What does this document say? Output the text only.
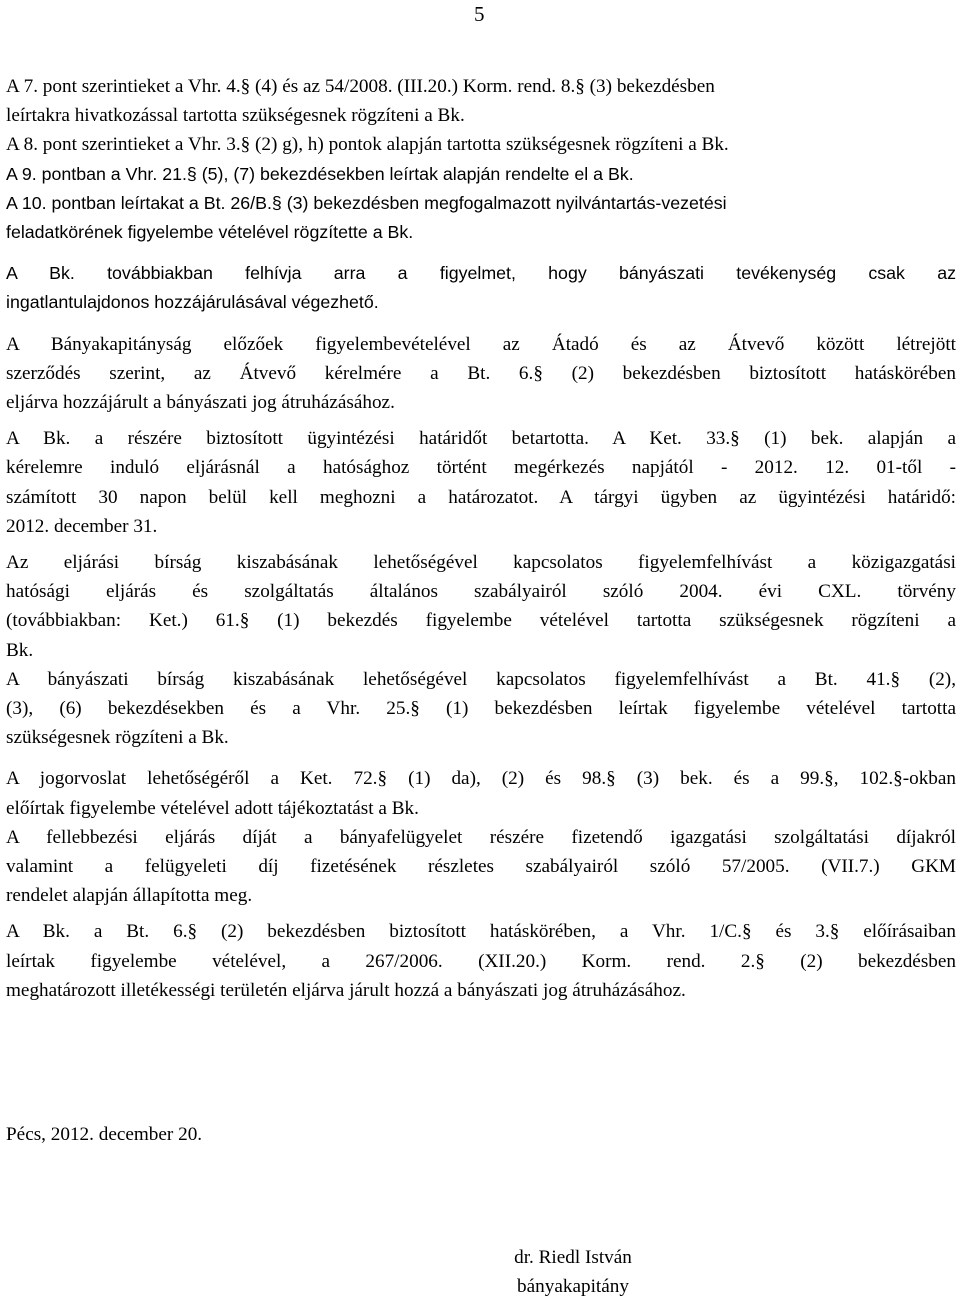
5
A 7. pont szerintieket a Vhr. 4.§ (4) és az 54/2008. (III.20.) Korm. rend. 8.§ (3) bekezdésben
leírtakra hivatkozással tartotta szükségesnek rögzíteni a Bk.
A 8. pont szerintieket a Vhr. 3.§ (2) g), h) pontok alapján tartotta szükségesnek rögzíteni a Bk.
A 9. pontban a Vhr. 21.§ (5), (7) bekezdésekben leírtak alapján rendelte el a Bk.
A 10. pontban leírtakat a Bt. 26/B.§ (3) bekezdésben megfogalmazott nyilvántartás-vezetési
feladatkörének figyelembe vételével rögzítette a Bk.
A Bk. továbbiakban felhívja arra a figyelmet, hogy bányászati tevékenység csak az
ingatlantulajdonos hozzájárulásával végezhető.
A Bányakapitányság előzőek figyelembevételével az Átadó és az Átvevő között létrejött
szerződés szerint, az Átvevő kérelmére a Bt. 6.§ (2) bekezdésben biztosított hatáskörében
eljárva hozzájárult a bányászati jog átruházásához.
A Bk. a részére biztosított ügyintézési határidőt betartotta. A Ket. 33.§ (1) bek. alapján a
kérelemre induló eljárásnál a hatósághoz történt megérkezés napjától - 2012. 12. 01-től -
számított 30 napon belül kell meghozni a határozatot. A tárgyi ügyben az ügyintézési határidő:
2012. december 31.
Az eljárási bírság kiszabásának lehetőségével kapcsolatos figyelemfelhívást a közigazgatási
hatósági eljárás és szolgáltatás általános szabályairól szóló 2004. évi CXL. törvény
(továbbiakban: Ket.) 61.§ (1) bekezdés figyelembe vételével tartotta szükségesnek rögzíteni a
Bk.
A bányászati bírság kiszabásának lehetőségével kapcsolatos figyelemfelhívást a Bt. 41.§ (2),
(3), (6) bekezdésekben és a Vhr. 25.§ (1) bekezdésben leírtak figyelembe vételével tartotta
szükségesnek rögzíteni a Bk.
A jogorvoslat lehetőségéről a Ket. 72.§ (1) da), (2) és 98.§ (3) bek. és a 99.§, 102.§-okban
előírtak figyelembe vételével adott tájékoztatást a Bk.
A fellebbezési eljárás díját a bányafelügyelet részére fizetendő igazgatási szolgáltatási díjakról
valamint a felügyeleti díj fizetésének részletes szabályairól szóló 57/2005. (VII.7.) GKM
rendelet alapján állapította meg.
A Bk. a Bt. 6.§ (2) bekezdésben biztosított hatáskörében, a Vhr. 1/C.§ és 3.§ előírásaiban
leírtak figyelembe vételével, a 267/2006. (XII.20.) Korm. rend. 2.§ (2) bekezdésben
meghatározott illetékességi területén eljárva járult hozzá a bányászati jog átruházásához.
Pécs, 2012. december 20.
dr. Riedl István
bányakapitány
